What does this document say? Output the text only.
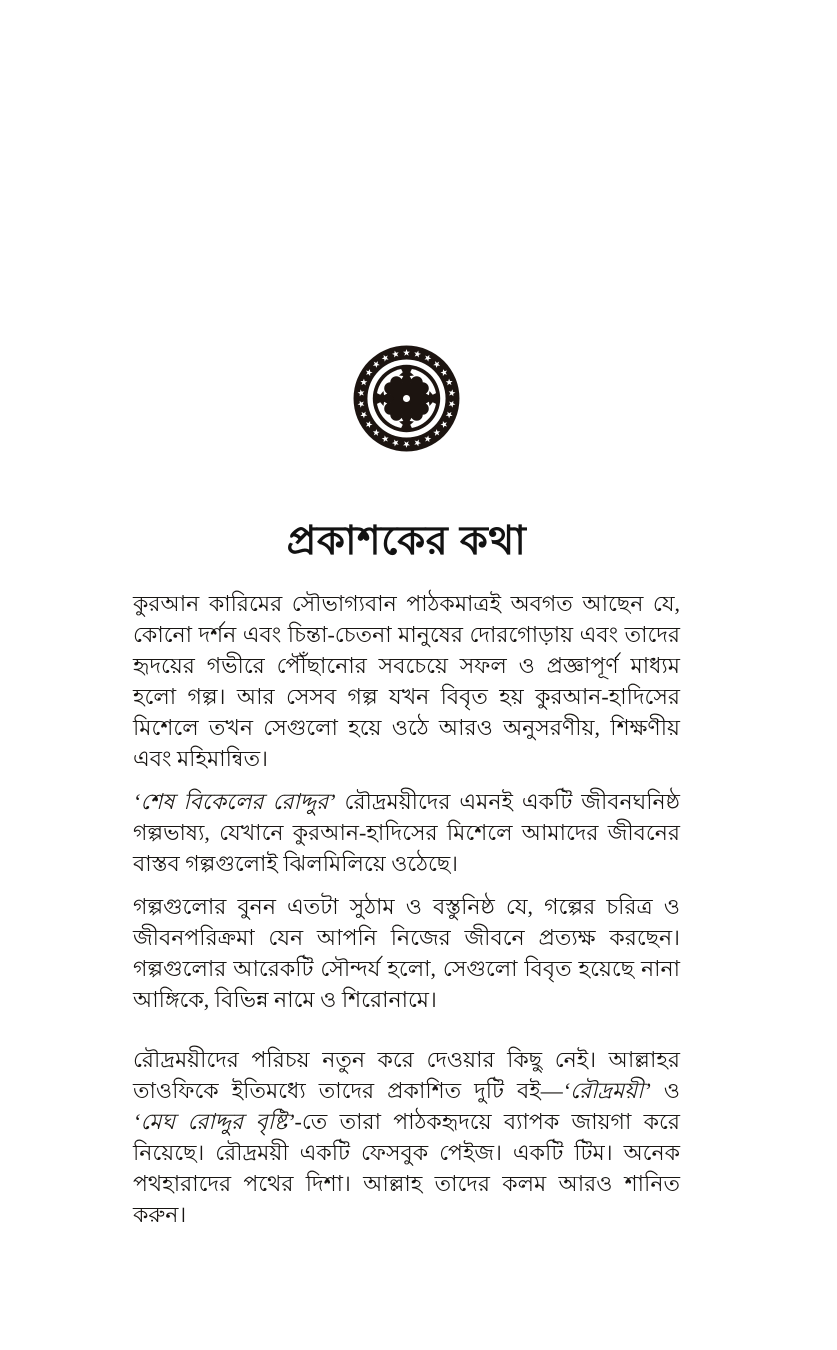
প্রকাশকের কথা

কুরআন কারিমের সৌভাগ্যবান পাঠকমাত্রই অবগত আছেন যে, কোনো দর্শন এবং চিন্তা-চেতনা মানুষের দোরগোড়ায় এবং তাদের হৃদয়ের গভীরে পৌঁছানোর সবচেয়ে সফল ও প্রজ্ঞাপূর্ণ মাধ্যম হলো গল্প। আর সেসব গল্প যখন বিবৃত হয় কুরআন-হাদিসের মিশেলে তখন সেগুলো হয়ে ওঠে আরও অনুসরণীয়, শিক্ষণীয় এবং মহিমান্বিত।

‘শেষ বিকেলের রোদ্দুর’ রৌদ্রময়ীদের এমনই একটি জীবনঘনিষ্ঠ গল্পভাষ্য, যেখানে কুরআন-হাদিসের মিশেলে আমাদের জীবনের বাস্তব গল্পগুলোই ঝিলমিলিয়ে ওঠেছে।

গল্পগুলোর বুনন এতটা সুঠাম ও বস্তুনিষ্ঠ যে, গল্পের চরিত্র ও জীবনপরিক্রমা যেন আপনি নিজের জীবনে প্রত্যক্ষ করছেন। গল্পগুলোর আরেকটি সৌন্দর্য হলো, সেগুলো বিবৃত হয়েছে নানা আঙ্গিকে, বিভিন্ন নামে ও শিরোনামে।

রৌদ্রময়ীদের পরিচয় নতুন করে দেওয়ার কিছু নেই। আল্লাহর তাওফিকে ইতিমধ্যে তাদের প্রকাশিত দুটি বই—‘রৌদ্রময়ী’ ও ‘মেঘ রোদ্দুর বৃষ্টি’-তে তারা পাঠকহৃদয়ে ব্যাপক জায়গা করে নিয়েছে। রৌদ্রময়ী একটি ফেসবুক পেইজ। একটি টিম। অনেক পথহারাদের পথের দিশা। আল্লাহ তাদের কলম আরও শানিত করুন।
